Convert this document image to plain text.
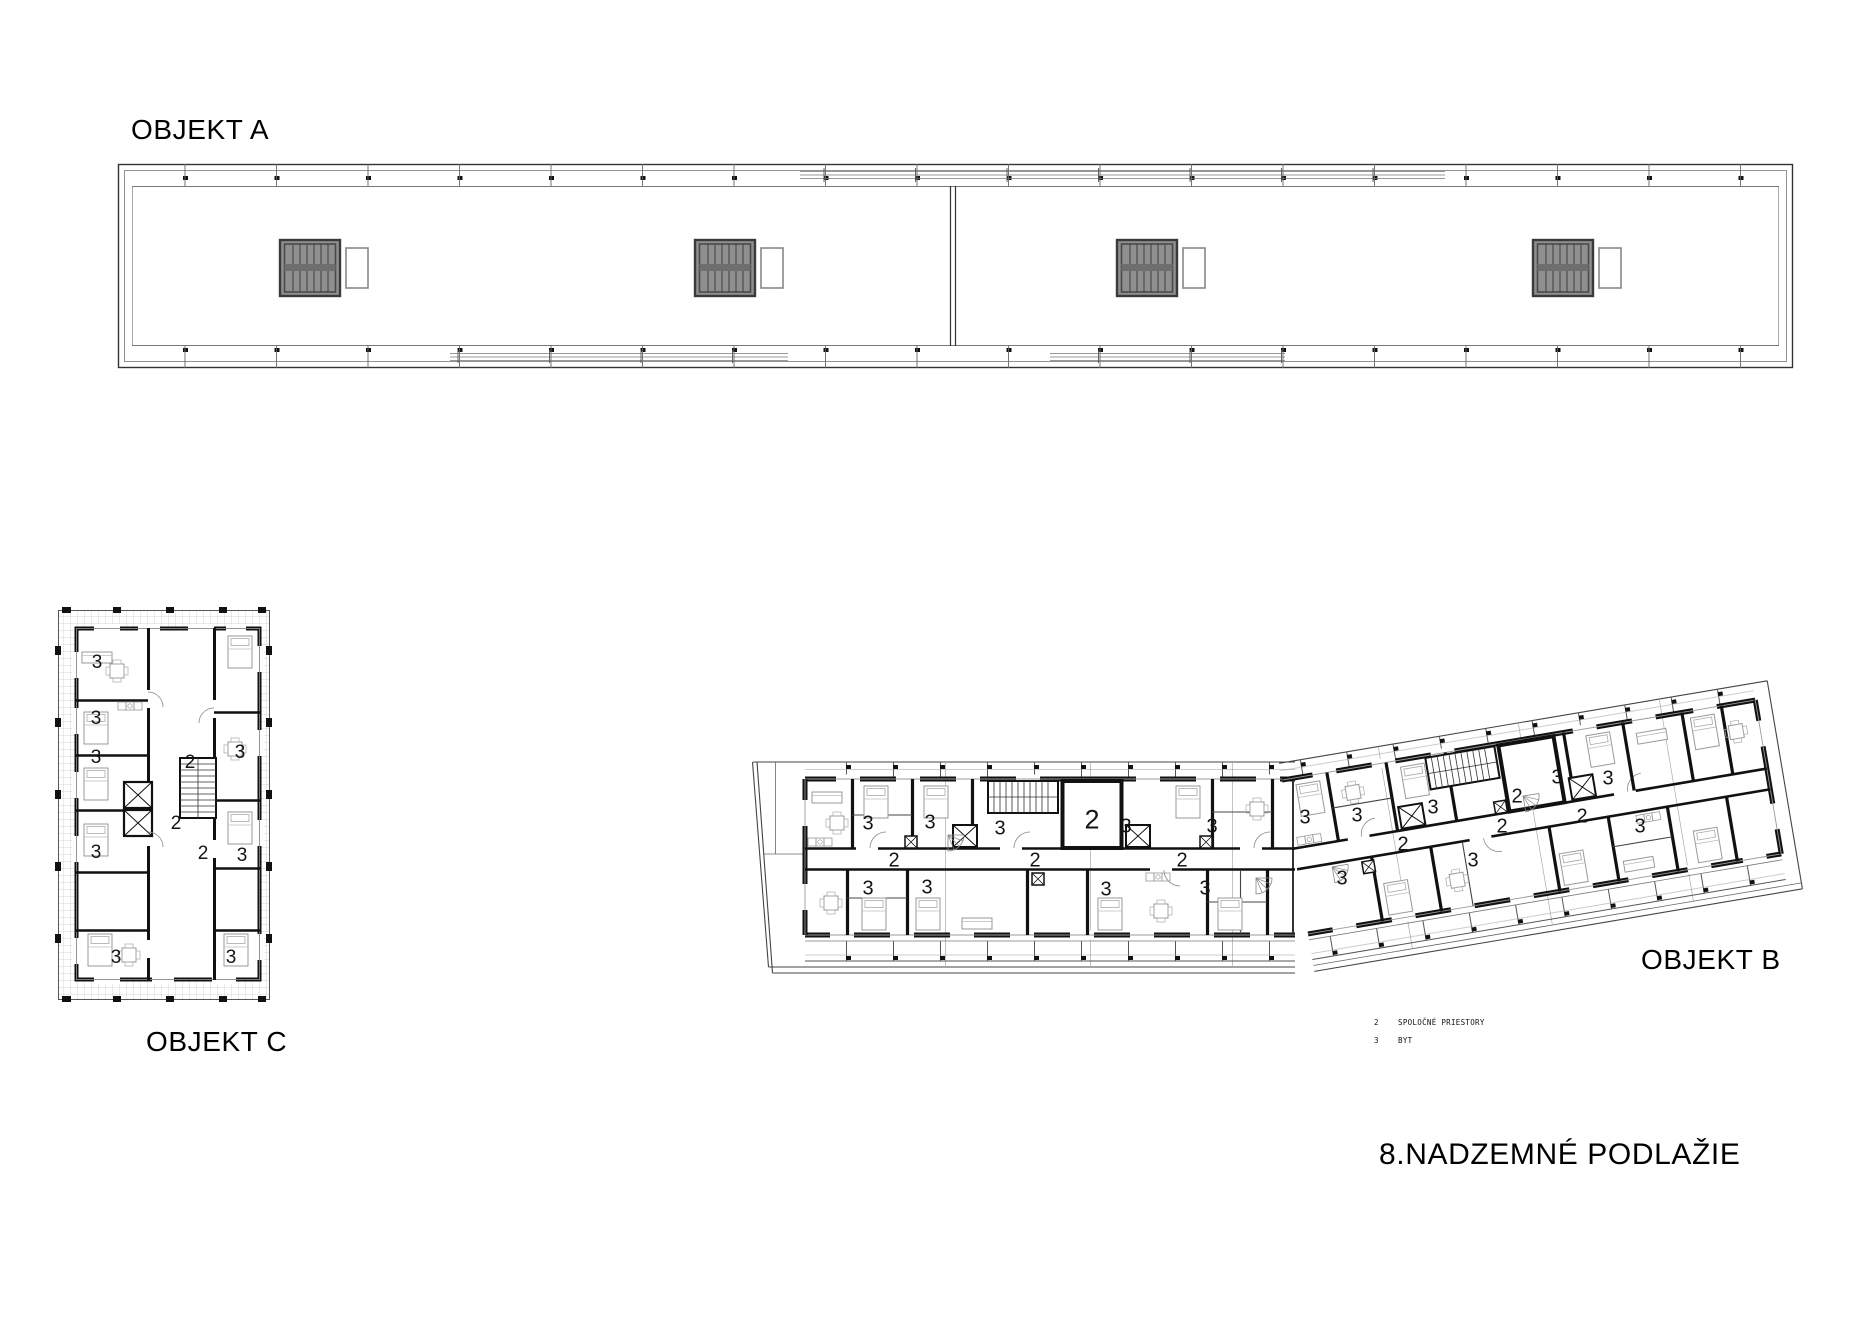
OBJEKT A
OBJEKT C
OBJEKT B
8.NADZEMNÉ PODLAŽIE
2	SPOLOČNÉ PRIESTORY
3	BYT
3	3	3	2 3	3	3
2	2	2
3 3	3	3	3
3
2
3
3
2
2
3
2
3
3
3
3
3	3
2
2
2
3	3
3	3
